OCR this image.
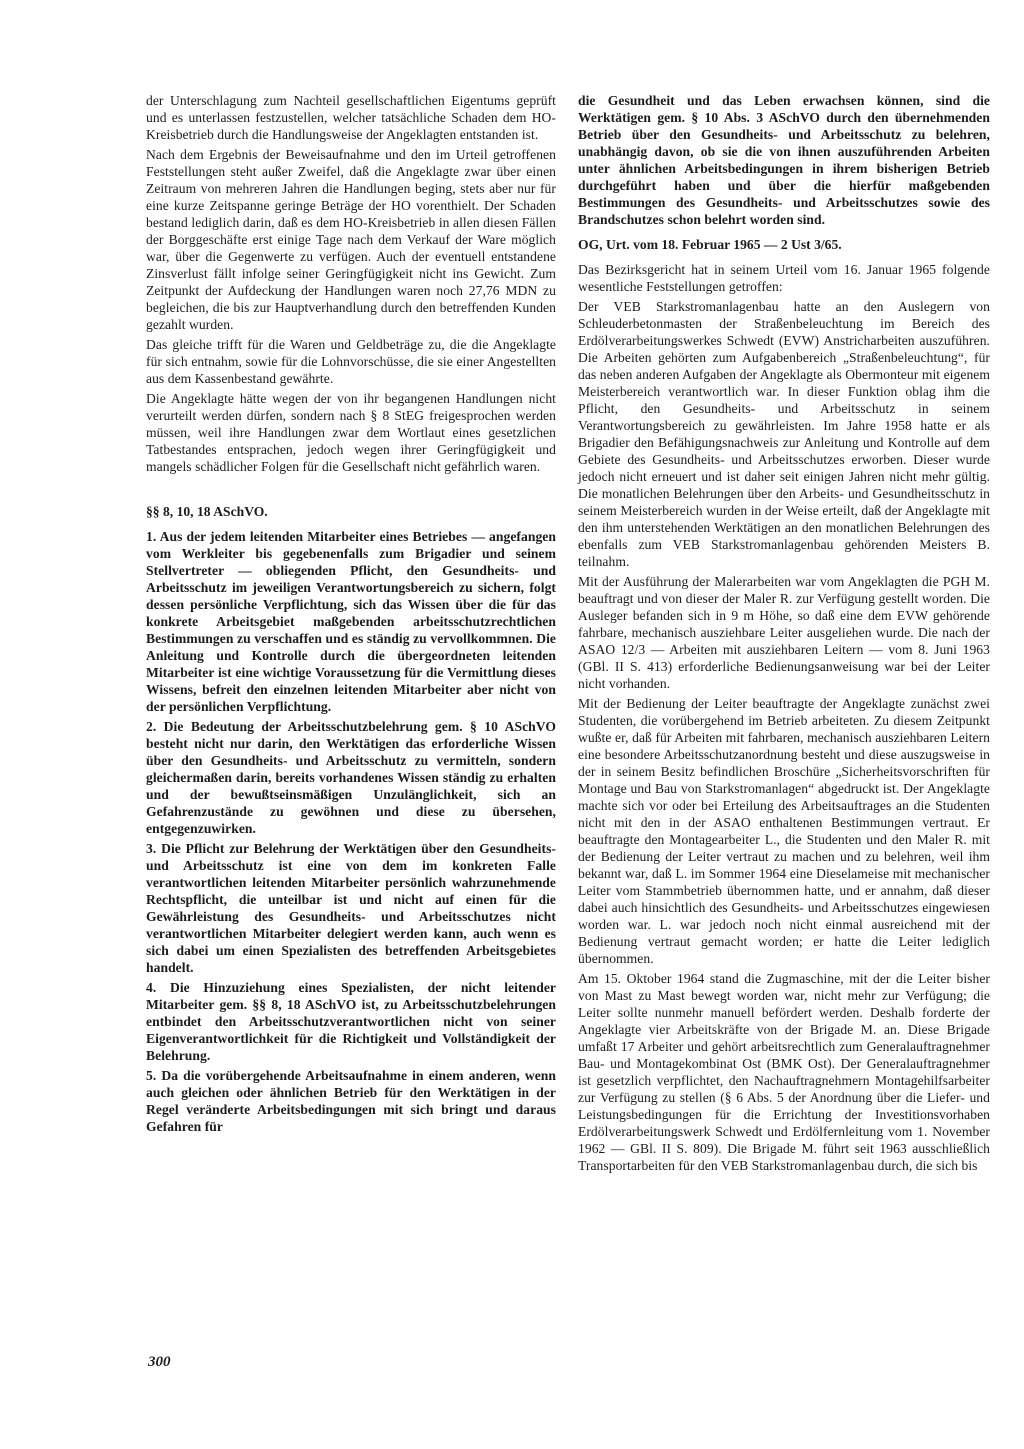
der Unterschlagung zum Nachteil gesellschaftlichen Eigentums geprüft und es unterlassen festzustellen, welcher tatsächliche Schaden dem HO-Kreisbetrieb durch die Handlungsweise der Angeklagten entstanden ist.

Nach dem Ergebnis der Beweisaufnahme und den im Urteil getroffenen Feststellungen steht außer Zweifel, daß die Angeklagte zwar über einen Zeitraum von mehreren Jahren die Handlungen beging, stets aber nur für eine kurze Zeitspanne geringe Beträge der HO vorenthielt. Der Schaden bestand lediglich darin, daß es dem HO-Kreisbetrieb in allen diesen Fällen der Borggeschäfte erst einige Tage nach dem Verkauf der Ware möglich war, über die Gegenwerte zu verfügen. Auch der eventuell entstandene Zinsverlust fällt infolge seiner Geringfügigkeit nicht ins Gewicht. Zum Zeitpunkt der Aufdeckung der Handlungen waren noch 27,76 MDN zu begleichen, die bis zur Hauptverhandlung durch den betreffenden Kunden gezahlt wurden.

Das gleiche trifft für die Waren und Geldbeträge zu, die die Angeklagte für sich entnahm, sowie für die Lohnvorschüsse, die sie einer Angestellten aus dem Kassenbestand gewährte.

Die Angeklagte hätte wegen der von ihr begangenen Handlungen nicht verurteilt werden dürfen, sondern nach § 8 StEG freigesprochen werden müssen, weil ihre Handlungen zwar dem Wortlaut eines gesetzlichen Tatbestandes entsprachen, jedoch wegen ihrer Geringfügigkeit und mangels schädlicher Folgen für die Gesellschaft nicht gefährlich waren.

§§ 8, 10, 18 ASchVO.

1. Aus der jedem leitenden Mitarbeiter eines Betriebes — angefangen vom Werkleiter bis gegebenenfalls zum Brigadier und seinem Stellvertreter — obliegenden Pflicht, den Gesundheits- und Arbeitsschutz im jeweiligen Verantwortungsbereich zu sichern, folgt dessen persönliche Verpflichtung, sich das Wissen über die für das konkrete Arbeitsgebiet maßgebenden arbeitsschutzrechtlichen Bestimmungen zu verschaffen und es ständig zu vervollkommnen. Die Anleitung und Kontrolle durch die übergeordneten leitenden Mitarbeiter ist eine wichtige Voraussetzung für die Vermittlung dieses Wissens, befreit den einzelnen leitenden Mitarbeiter aber nicht von der persönlichen Verpflichtung.

2. Die Bedeutung der Arbeitsschutzbelehrung gem. § 10 ASchVO besteht nicht nur darin, den Werktätigen das erforderliche Wissen über den Gesundheits- und Arbeitsschutz zu vermitteln, sondern gleichermaßen darin, bereits vorhandenes Wissen ständig zu erhalten und der bewußtseinsmäßigen Unzulänglichkeit, sich an Gefahrenzustände zu gewöhnen und diese zu übersehen, entgegenzuwirken.

3. Die Pflicht zur Belehrung der Werktätigen über den Gesundheits- und Arbeitsschutz ist eine von dem im konkreten Falle verantwortlichen leitenden Mitarbeiter persönlich wahrzunehmende Rechtspflicht, die unteilbar ist und nicht auf einen für die Gewährleistung des Gesundheits- und Arbeitsschutzes nicht verantwortlichen Mitarbeiter delegiert werden kann, auch wenn es sich dabei um einen Spezialisten des betreffenden Arbeitsgebietes handelt.

4. Die Hinzuziehung eines Spezialisten, der nicht leitender Mitarbeiter gem. §§ 8, 18 ASchVO ist, zu Arbeitsschutzbelehrungen entbindet den Arbeitsschutzverantwortlichen nicht von seiner Eigenverantwortlichkeit für die Richtigkeit und Vollständigkeit der Belehrung.

5. Da die vorübergehende Arbeitsaufnahme in einem anderen, wenn auch gleichen oder ähnlichen Betrieb für den Werktätigen in der Regel veränderte Arbeitsbedingungen mit sich bringt und daraus Gefahren für

die Gesundheit und das Leben erwachsen können, sind die Werktätigen gem. § 10 Abs. 3 ASchVO durch den übernehmenden Betrieb über den Gesundheits- und Arbeitsschutz zu belehren, unabhängig davon, ob sie die von ihnen auszuführenden Arbeiten unter ähnlichen Arbeitsbedingungen in ihrem bisherigen Betrieb durchgeführt haben und über die hierfür maßgebenden Bestimmungen des Gesundheits- und Arbeitsschutzes sowie des Brandschutzes schon belehrt worden sind.

OG, Urt. vom 18. Februar 1965 — 2 Ust 3/65.

Das Bezirksgericht hat in seinem Urteil vom 16. Januar 1965 folgende wesentliche Feststellungen getroffen:

Der VEB Starkstromanlagenbau hatte an den Auslegern von Schleuderbetonmasten der Straßenbeleuchtung im Bereich des Erdölverarbeitungswerkes Schwedt (EVW) Anstricharbeiten auszuführen. Die Arbeiten gehörten zum Aufgabenbereich „Straßenbeleuchtung“, für das neben anderen Aufgaben der Angeklagte als Obermonteur mit eigenem Meisterbereich verantwortlich war. In dieser Funktion oblag ihm die Pflicht, den Gesundheits- und Arbeitsschutz in seinem Verantwortungsbereich zu gewährleisten. Im Jahre 1958 hatte er als Brigadier den Befähigungsnachweis zur Anleitung und Kontrolle auf dem Gebiete des Gesundheits- und Arbeitsschutzes erworben. Dieser wurde jedoch nicht erneuert und ist daher seit einigen Jahren nicht mehr gültig. Die monatlichen Belehrungen über den Arbeits- und Gesundheitsschutz in seinem Meisterbereich wurden in der Weise erteilt, daß der Angeklagte mit den ihm unterstehenden Werktätigen an den monatlichen Belehrungen des ebenfalls zum VEB Starkstromanlagenbau gehörenden Meisters B. teilnahm.

Mit der Ausführung der Malerarbeiten war vom Angeklagten die PGH M. beauftragt und von dieser der Maler R. zur Verfügung gestellt worden. Die Ausleger befanden sich in 9 m Höhe, so daß eine dem EVW gehörende fahrbare, mechanisch ausziehbare Leiter ausgeliehen wurde. Die nach der ASAO 12/3 — Arbeiten mit ausziehbaren Leitern — vom 8. Juni 1963 (GBl. II S. 413) erforderliche Bedienungsanweisung war bei der Leiter nicht vorhanden.

Mit der Bedienung der Leiter beauftragte der Angeklagte zunächst zwei Studenten, die vorübergehend im Betrieb arbeiteten. Zu diesem Zeitpunkt wußte er, daß für Arbeiten mit fahrbaren, mechanisch ausziehbaren Leitern eine besondere Arbeitsschutzanordnung besteht und diese auszugsweise in der in seinem Besitz befindlichen Broschüre „Sicherheitsvorschriften für Montage und Bau von Starkstromanlagen“ abgedruckt ist. Der Angeklagte machte sich vor oder bei Erteilung des Arbeitsauftrages an die Studenten nicht mit den in der ASAO enthaltenen Bestimmungen vertraut. Er beauftragte den Montagearbeiter L., die Studenten und den Maler R. mit der Bedienung der Leiter vertraut zu machen und zu belehren, weil ihm bekannt war, daß L. im Sommer 1964 eine Dieselameise mit mechanischer Leiter vom Stammbetrieb übernommen hatte, und er annahm, daß dieser dabei auch hinsichtlich des Gesundheits- und Arbeitsschutzes eingewiesen worden war. L. war jedoch noch nicht einmal ausreichend mit der Bedienung vertraut gemacht worden; er hatte die Leiter lediglich übernommen.

Am 15. Oktober 1964 stand die Zugmaschine, mit der die Leiter bisher von Mast zu Mast bewegt worden war, nicht mehr zur Verfügung; die Leiter sollte nunmehr manuell befördert werden. Deshalb forderte der Angeklagte vier Arbeitskräfte von der Brigade M. an. Diese Brigade umfaßt 17 Arbeiter und gehört arbeitsrechtlich zum Generalauftragnehmer Bau- und Montagekombinat Ost (BMK Ost). Der Generalauftragnehmer ist gesetzlich verpflichtet, den Nachauftragnehmern Montagehilfsarbeiter zur Verfügung zu stellen (§ 6 Abs. 5 der Anordnung über die Liefer- und Leistungsbedingungen für die Errichtung der Investitionsvorhaben Erdölverarbeitungswerk Schwedt und Erdölfernleitung vom 1. November 1962 — GBl. II S. 809). Die Brigade M. führt seit 1963 ausschließlich Transportarbeiten für den VEB Starkstromanlagenbau durch, die sich bis

300
